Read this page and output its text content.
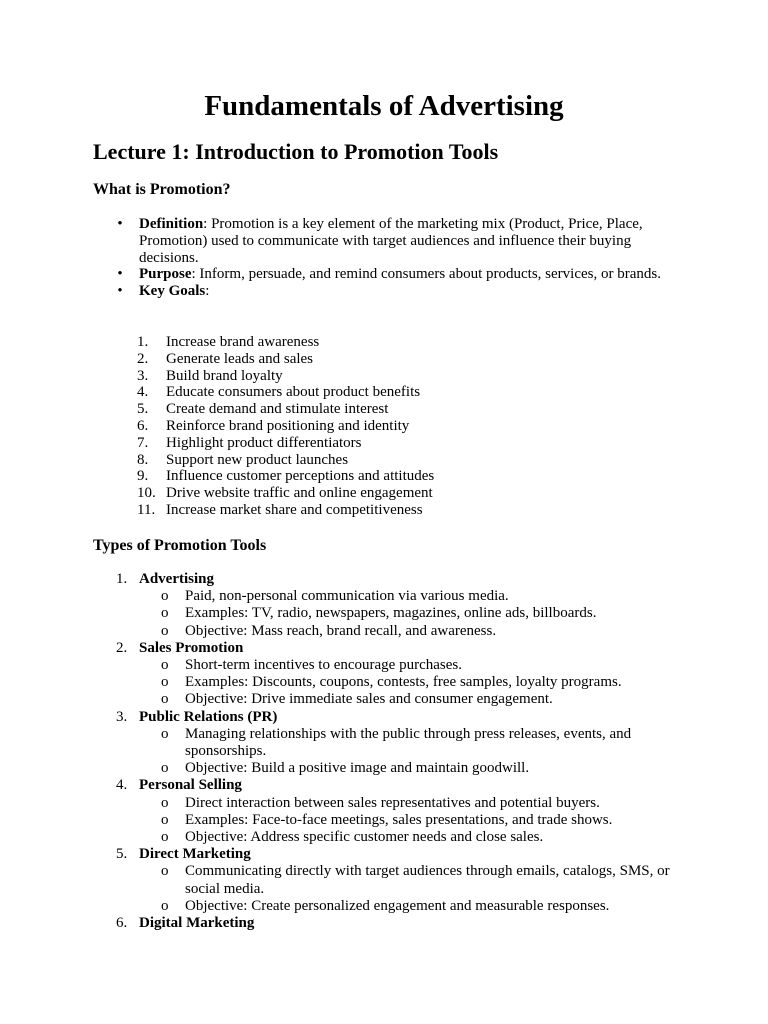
Fundamentals of Advertising
Lecture 1: Introduction to Promotion Tools
What is Promotion?
• Definition: Promotion is a key element of the marketing mix (Product, Price, Place, Promotion) used to communicate with target audiences and influence their buying decisions.
• Purpose: Inform, persuade, and remind consumers about products, services, or brands.
• Key Goals:
1. Increase brand awareness
2. Generate leads and sales
3. Build brand loyalty
4. Educate consumers about product benefits
5. Create demand and stimulate interest
6. Reinforce brand positioning and identity
7. Highlight product differentiators
8. Support new product launches
9. Influence customer perceptions and attitudes
10. Drive website traffic and online engagement
11. Increase market share and competitiveness
Types of Promotion Tools
1. Advertising
o Paid, non-personal communication via various media.
o Examples: TV, radio, newspapers, magazines, online ads, billboards.
o Objective: Mass reach, brand recall, and awareness.
2. Sales Promotion
o Short-term incentives to encourage purchases.
o Examples: Discounts, coupons, contests, free samples, loyalty programs.
o Objective: Drive immediate sales and consumer engagement.
3. Public Relations (PR)
o Managing relationships with the public through press releases, events, and sponsorships.
o Objective: Build a positive image and maintain goodwill.
4. Personal Selling
o Direct interaction between sales representatives and potential buyers.
o Examples: Face-to-face meetings, sales presentations, and trade shows.
o Objective: Address specific customer needs and close sales.
5. Direct Marketing
o Communicating directly with target audiences through emails, catalogs, SMS, or social media.
o Objective: Create personalized engagement and measurable responses.
6. Digital Marketing
